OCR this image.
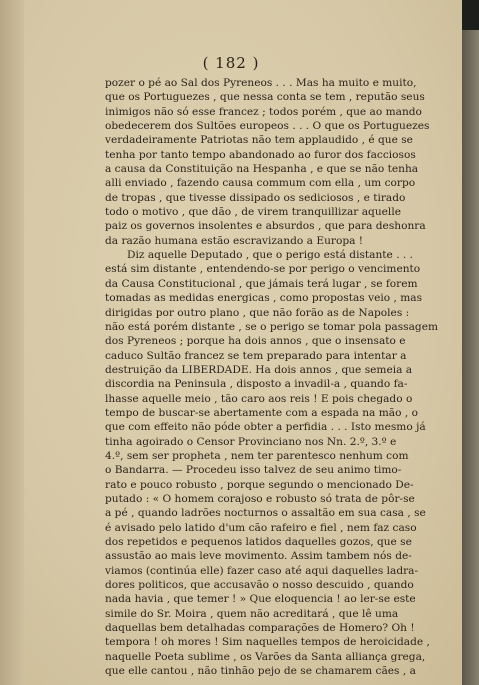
( 182 )
pozer o pé ao Sal dos Pyreneos . . . Mas ha muito e muito,
que os Portuguezes , que nessa conta se tem , reputão seus
inimigos não só esse francez ; todos porém , que ao mando
obedecerem dos Sultões europeos . . . O que os Portuguezes
verdadeiramente Patriotas não tem applaudido , é que se
tenha por tanto tempo abandonado ao furor dos facciosos
a causa da Constituição na Hespanha , e que se não tenha
alli enviado , fazendo causa commum com ella , um corpo
de tropas , que tivesse dissipado os sediciosos , e tirado
todo o motivo , que dão , de virem tranquillizar aquelle
paiz os governos insolentes e absurdos , que para deshonra
da razão humana estão escravizando a Europa !
Diz aquelle Deputado , que o perigo está distante . . .
está sim distante , entendendo-se por perigo o vencimento
da Causa Constitucional , que jámais terá lugar , se forem
tomadas as medidas energicas , como propostas veio , mas
dirigidas por outro plano , que não forão as de Napoles :
não está porém distante , se o perigo se tomar pola passagem
dos Pyreneos ; porque ha dois annos , que o insensato e
caduco Sultão francez se tem preparado para intentar a
destruição da LIBERDADE. Ha dois annos , que semeia a
discordia na Peninsula , disposto a invadil-a , quando fa-
lhasse aquelle meio , tão caro aos reis ! E pois chegado o
tempo de buscar-se abertamente com a espada na mão , o
que com effeito não póde obter a perfidia . . . Isto mesmo já
tinha agoirado o Censor Provinciano nos Nn. 2.º, 3.º e
4.º, sem ser propheta , nem ter parentesco nenhum com
o Bandarra. — Procedeu isso talvez de seu animo timo-
rato e pouco robusto , porque segundo o mencionado De-
putado : « O homem corajoso e robusto só trata de pôr-se
a pé , quando ladrões nocturnos o assaltão em sua casa , se
é avisado pelo latido d'um cão rafeiro e fiel , nem faz caso
dos repetidos e pequenos latidos daquelles gozos, que se
assustão ao mais leve movimento. Assim tambem nós de-
viamos (continúa elle) fazer caso até aqui daquelles ladra-
dores politicos, que accusavão o nosso descuido , quando
nada havia , que temer ! » Que eloquencia ! ao ler-se este
simile do Sr. Moira , quem não acreditará , que lê uma
daquellas bem detalhadas comparações de Homero? Oh !
tempora ! oh mores ! Sim naquelles tempos de heroicidade ,
naquelle Poeta sublime , os Varões da Santa alliança grega,
que elle cantou , não tinhão pejo de se chamarem cães , a
